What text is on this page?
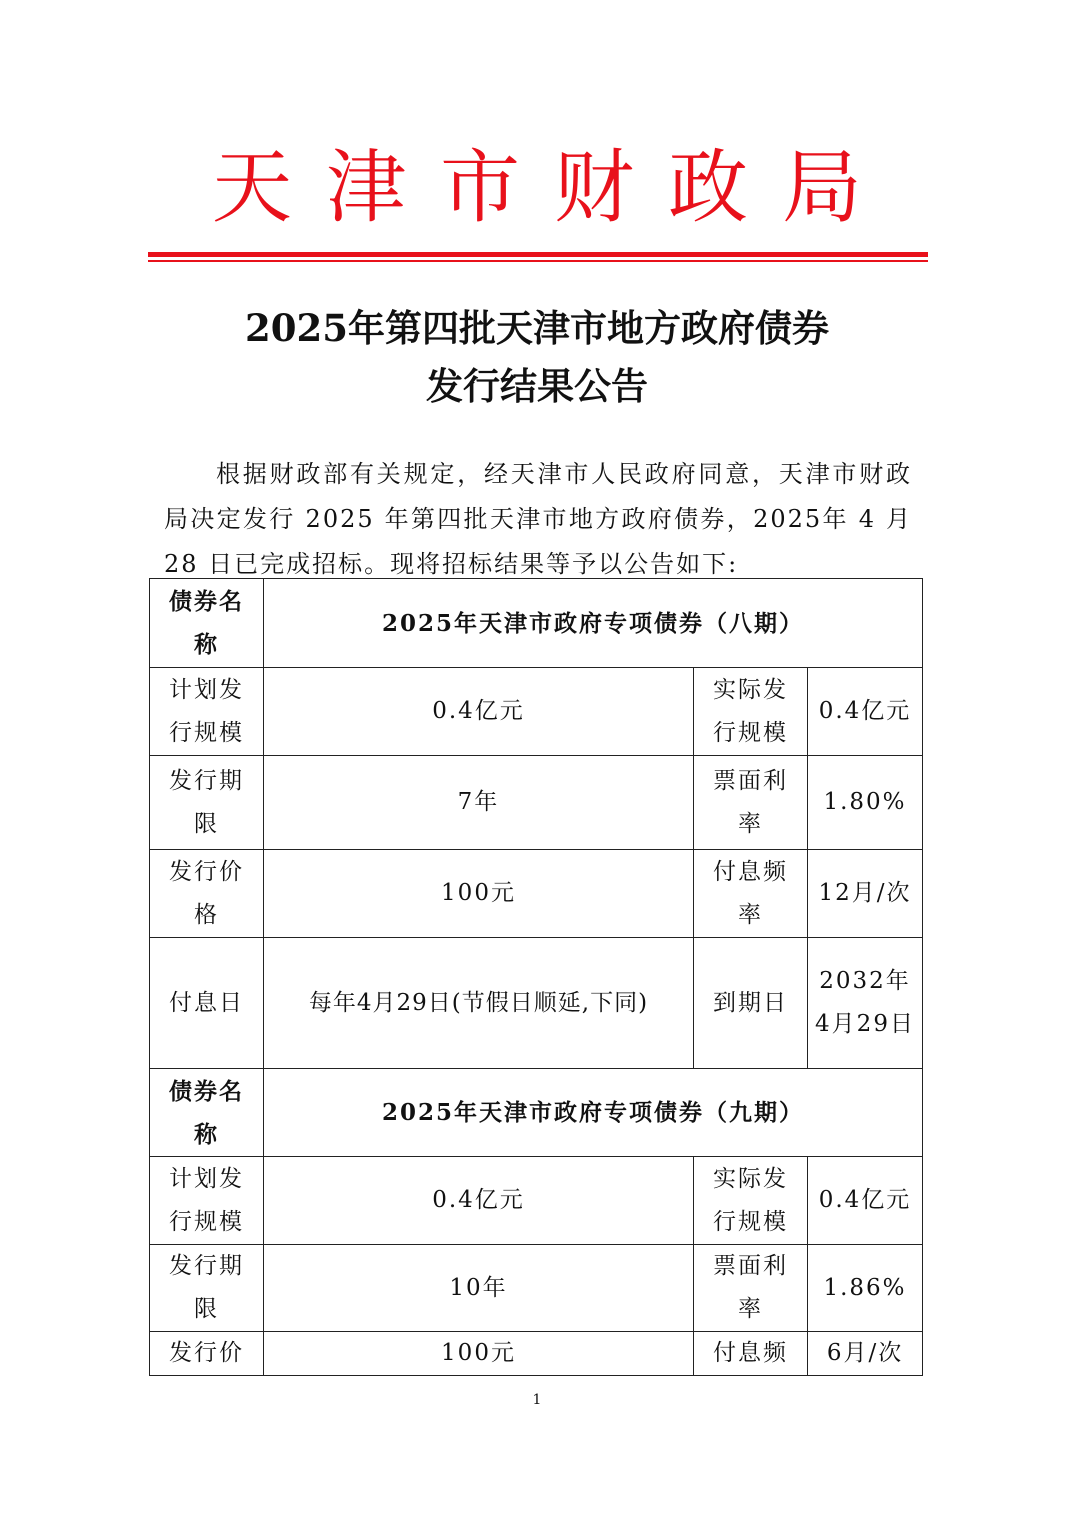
天津市财政局
2025年第四批天津市地方政府债券
发行结果公告

根据财政部有关规定，经天津市人民政府同意，天津市财政局决定发行 2025 年第四批天津市地方政府债券，2025年 4 月 28 日已完成招标。现将招标结果等予以公告如下:

债券名称	2025年天津市政府专项债券（八期）		
计划发行规模	0.4亿元	实际发行规模	0.4亿元
发行期限	7年	票面利率	1.80%
发行价格	100元	付息频率	12月/次
付息日	每年4月29日(节假日顺延,下同)	到期日	2032年4月29日
债券名称	2025年天津市政府专项债券（九期）		
计划发行规模	0.4亿元	实际发行规模	0.4亿元
发行期限	10年	票面利率	1.86%
发行价	100元	付息频	6月/次
1
